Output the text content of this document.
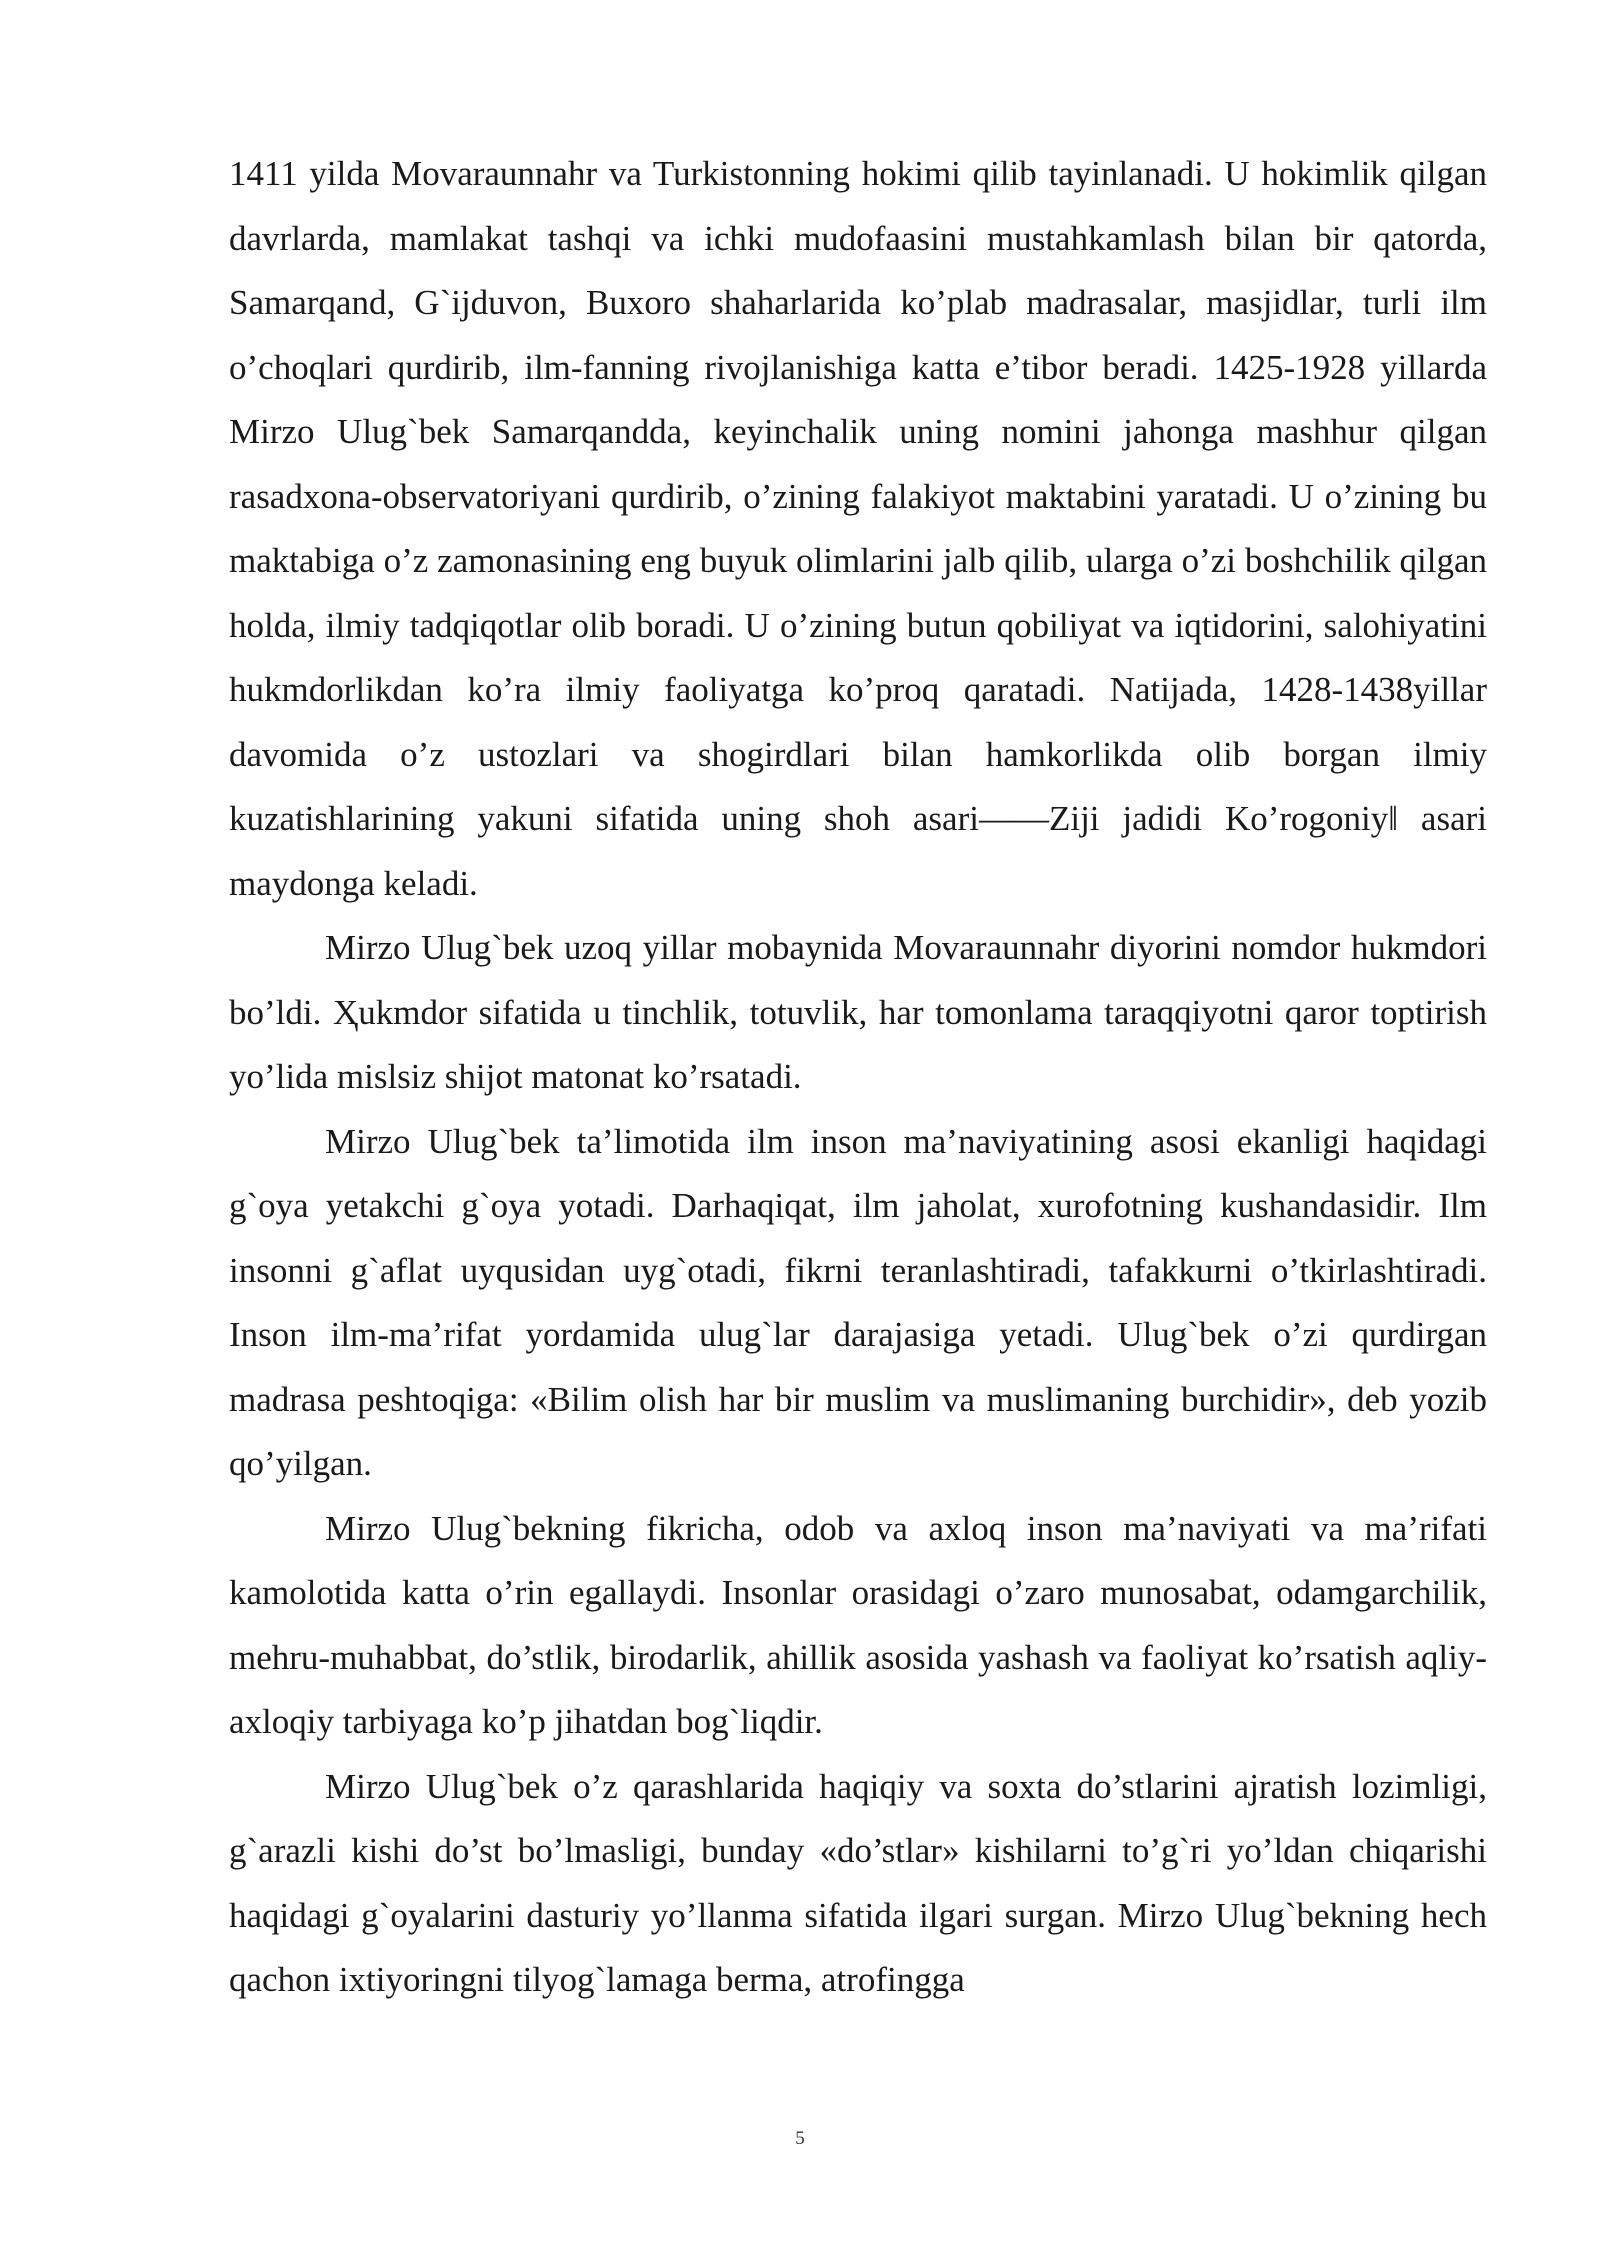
1411 yilda Movaraunnahr va Turkistonning hokimi qilib tayinlanadi. U hokimlik qilgan davrlarda, mamlakat tashqi va ichki mudofaasini mustahkamlash bilan bir qatorda, Samarqand, G`ijduvon, Buxoro shaharlarida ko’plab madrasalar, masjidlar, turli ilm o’choqlari qurdirib, ilm-fanning rivojlanishiga katta e’tibor beradi. 1425-1928 yillarda Mirzo Ulug`bek Samarqandda, keyinchalik uning nomini jahonga mashhur qilgan rasadxona-observatoriyani qurdirib, o’zining falakiyot maktabini yaratadi. U o’zining bu maktabiga o’z zamonasining eng buyuk olimlarini jalb qilib, ularga o’zi boshchilik qilgan holda, ilmiy tadqiqotlar olib boradi. U o’zining butun qobiliyat va iqtidorini, salohiyatini hukmdorlikdan ko’ra ilmiy faoliyatga ko’proq qaratadi. Natijada, 1428-1438yillar davomida o’z ustozlari va shogirdlari bilan hamkorlikda olib borgan ilmiy kuzatishlarining yakuni sifatida uning shoh asari――Ziji jadidi Ko’rogoniy‖ asari maydonga keladi.

Mirzo Ulug`bek uzoq yillar mobaynida Movaraunnahr diyorini nomdor hukmdori bo’ldi. Ҳukmdor sifatida u tinchlik, totuvlik, har tomonlama taraqqiyotni qaror toptirish yo’lida mislsiz shijot matonat ko’rsatadi.

Mirzo Ulug`bek ta’limotida ilm inson ma’naviyatining asosi ekanligi haqidagi g`oya yetakchi g`oya yotadi. Darhaqiqat, ilm jaholat, xurofotning kushandasidir. Ilm insonni g`aflat uyqusidan uyg`otadi, fikrni teranlashtiradi, tafakkurni o’tkirlashtiradi. Inson ilm-ma’rifat yordamida ulug`lar darajasiga yetadi. Ulug`bek o’zi qurdirgan madrasa peshtoqiga: «Bilim olish har bir muslim va muslimaning burchidir», deb yozib qo’yilgan.

Mirzo Ulug`bekning fikricha, odob va axloq inson ma’naviyati va ma’rifati kamolotida katta o’rin egallaydi. Insonlar orasidagi o’zaro munosabat, odamgarchilik, mehru-muhabbat, do’stlik, birodarlik, ahillik asosida yashash va faoliyat ko’rsatish aqliy-axloqiy tarbiyaga ko’p jihatdan bog`liqdir.

Mirzo Ulug`bek o’z qarashlarida haqiqiy va soxta do’stlarini ajratish lozimligi, g`arazli kishi do’st bo’lmasligi, bunday «do’stlar» kishilarni to’g`ri yo’ldan chiqarishi haqidagi g`oyalarini dasturiy yo’llanma sifatida ilgari surgan. Mirzo Ulug`bekning hech qachon ixtiyoringni tilyog`lamaga berma, atrofingga

5
